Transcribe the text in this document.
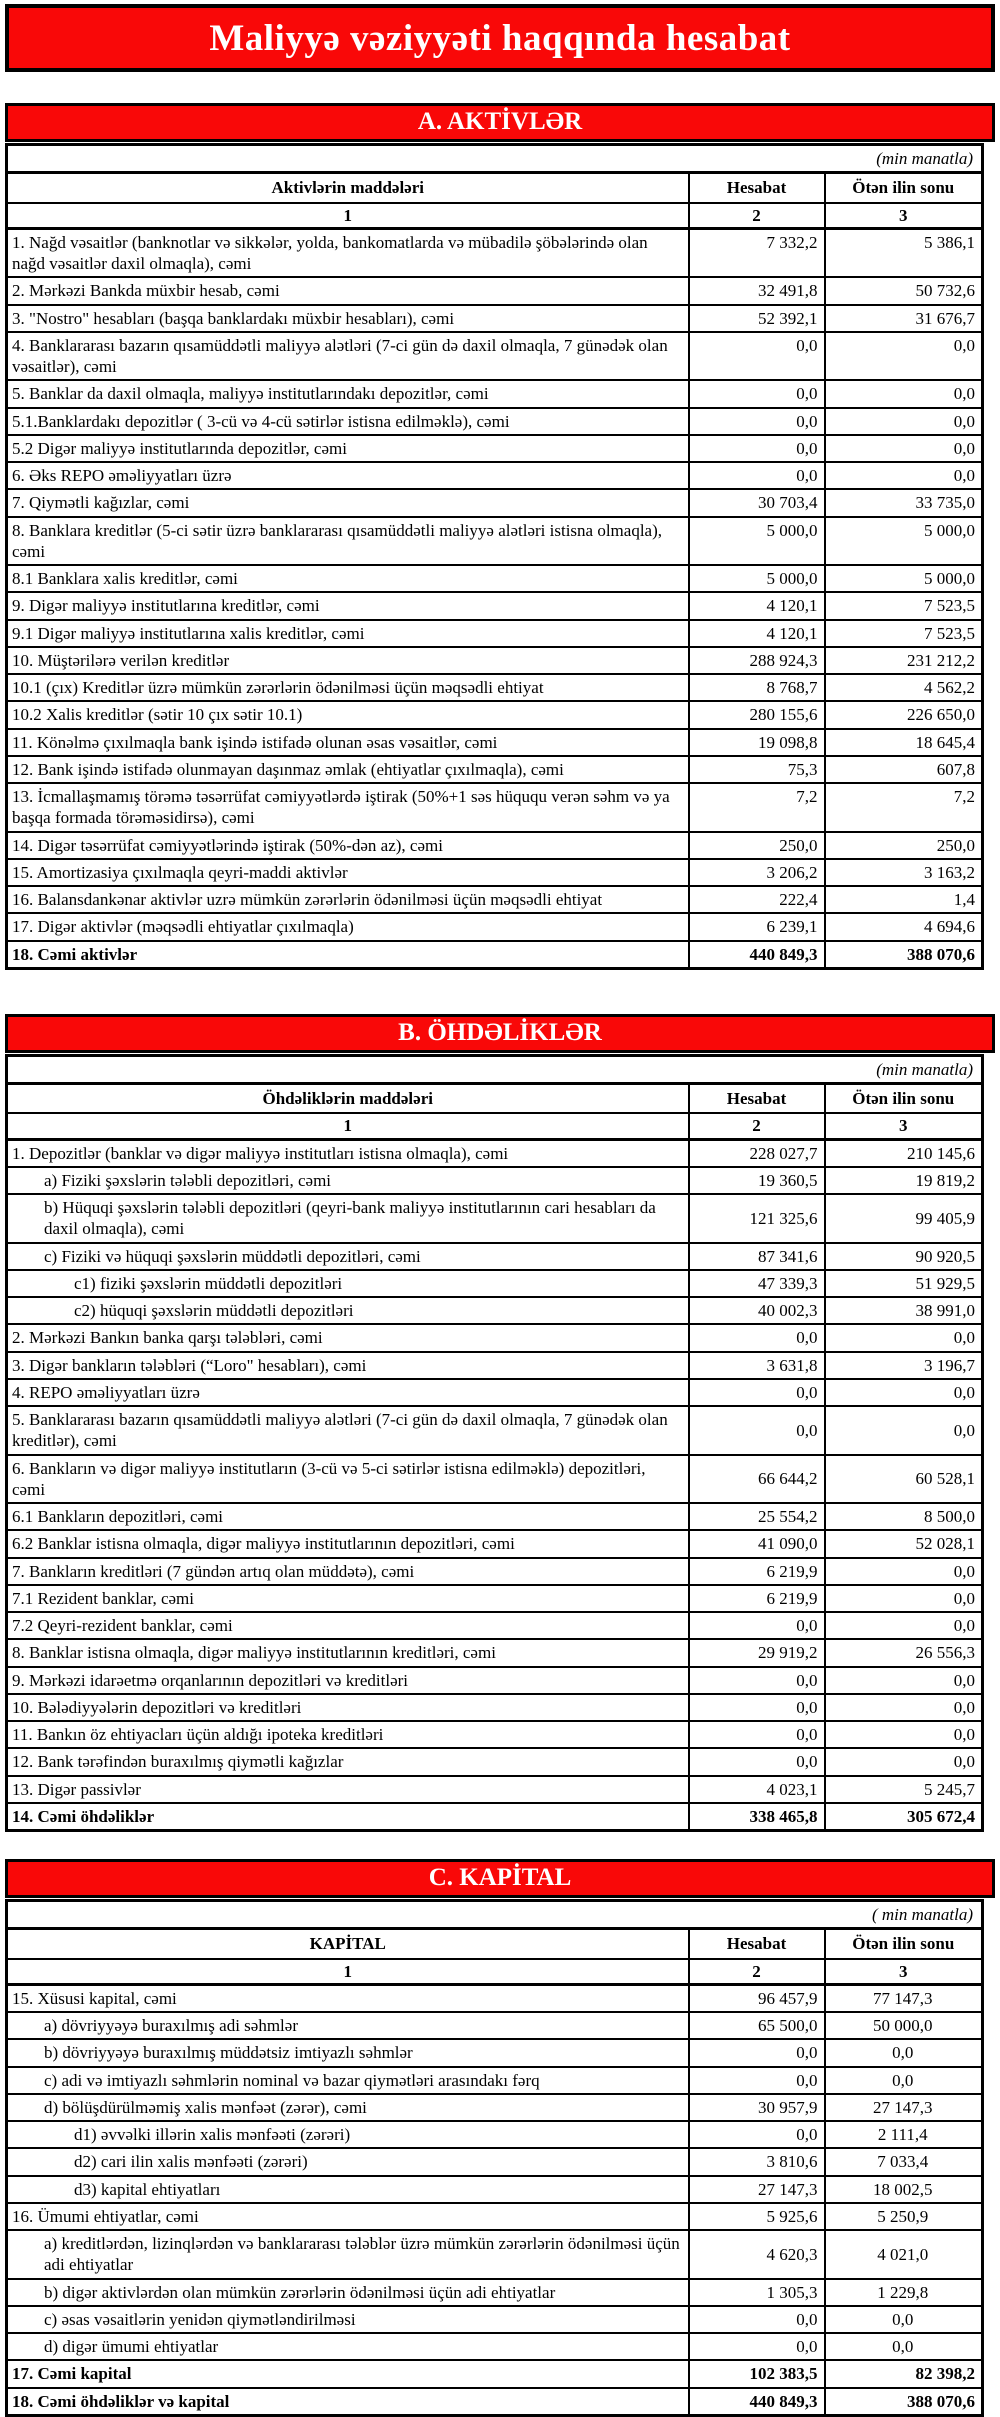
Maliyyə vəziyyəti haqqında hesabat
A. AKTİVLƏR
(min manatla)		
Aktivlərin maddələri	Hesabat	Ötən ilin sonu
1	2	3
1. Nağd vəsaitlər (banknotlar və sikkələr, yolda, bankomatlarda və mübadilə şöbələrində olan nağd vəsaitlər daxil olmaqla), cəmi	7 332,2	5 386,1
2. Mərkəzi Bankda müxbir hesab, cəmi	32 491,8	50 732,6
3. "Nostro" hesabları (başqa banklardakı müxbir hesabları), cəmi	52 392,1	31 676,7
4. Banklararası bazarın qısamüddətli maliyyə alətləri (7-ci gün də daxil olmaqla, 7 günədək olan vəsaitlər), cəmi	0,0	0,0
5. Banklar da daxil olmaqla, maliyyə institutlarındakı depozitlər, cəmi	0,0	0,0
5.1.Banklardakı depozitlər ( 3-cü və 4-cü sətirlər istisna edilməklə), cəmi	0,0	0,0
5.2 Digər maliyyə institutlarında depozitlər, cəmi	0,0	0,0
6. Əks REPO əməliyyatları üzrə	0,0	0,0
7. Qiymətli kağızlar, cəmi	30 703,4	33 735,0
8. Banklara kreditlər (5-ci sətir üzrə banklararası qısamüddətli maliyyə alətləri istisna olmaqla), cəmi	5 000,0	5 000,0
8.1 Banklara xalis kreditlər, cəmi	5 000,0	5 000,0
9. Digər maliyyə institutlarına kreditlər, cəmi	4 120,1	7 523,5
9.1 Digər maliyyə institutlarına xalis kreditlər, cəmi	4 120,1	7 523,5
10. Müştərilərə verilən kreditlər	288 924,3	231 212,2
10.1 (çıx) Kreditlər üzrə mümkün zərərlərin ödənilməsi üçün məqsədli ehtiyat	8 768,7	4 562,2
10.2 Xalis kreditlər (sətir 10 çıx sətir 10.1)	280 155,6	226 650,0
11. Könəlmə çıxılmaqla bank işində istifadə olunan əsas vəsaitlər, cəmi	19 098,8	18 645,4
12. Bank işində istifadə olunmayan daşınmaz əmlak (ehtiyatlar çıxılmaqla), cəmi	75,3	607,8
13. İcmallaşmamış törəmə təsərrüfat cəmiyyətlərdə iştirak (50%+1 səs hüququ verən səhm və ya başqa formada törəməsidirsə), cəmi	7,2	7,2
14. Digər təsərrüfat cəmiyyətlərində iştirak (50%-dən az), cəmi	250,0	250,0
15. Amortizasiya çıxılmaqla qeyri-maddi aktivlər	3 206,2	3 163,2
16. Balansdankənar aktivlər uzrə mümkün zərərlərin ödənilməsi üçün məqsədli ehtiyat	222,4	1,4
17. Digər aktivlər (məqsədli ehtiyatlar çıxılmaqla)	6 239,1	4 694,6
18. Cəmi aktivlər	440 849,3	388 070,6
B. ÖHDƏLİKLƏR
(min manatla)		
Öhdəliklərin maddələri	Hesabat	Ötən ilin sonu
1	2	3
1. Depozitlər (banklar və digər maliyyə institutları istisna olmaqla), cəmi	228 027,7	210 145,6
a) Fiziki şəxslərin tələbli depozitləri, cəmi	19 360,5	19 819,2
b) Hüquqi şəxslərin tələbli depozitləri (qeyri-bank maliyyə institutlarının cari hesabları da daxil olmaqla), cəmi	121 325,6	99 405,9
c) Fiziki və hüquqi şəxslərin müddətli depozitləri, cəmi	87 341,6	90 920,5
c1) fiziki şəxslərin müddətli depozitləri	47 339,3	51 929,5
c2) hüquqi şəxslərin müddətli depozitləri	40 002,3	38 991,0
2. Mərkəzi Bankın banka qarşı tələbləri, cəmi	0,0	0,0
3. Digər bankların tələbləri (“Loro" hesabları), cəmi	3 631,8	3 196,7
4. REPO əməliyyatları üzrə	0,0	0,0
5. Banklararası bazarın qısamüddətli maliyyə alətləri (7-ci gün də daxil olmaqla, 7 günədək olan kreditlər), cəmi	0,0	0,0
6. Bankların və digər maliyyə institutların (3-cü və 5-ci sətirlər istisna edilməklə) depozitləri, cəmi	66 644,2	60 528,1
6.1 Bankların depozitləri, cəmi	25 554,2	8 500,0
6.2 Banklar istisna olmaqla, digər maliyyə institutlarının depozitləri, cəmi	41 090,0	52 028,1
7. Bankların kreditləri (7 gündən artıq olan müddətə), cəmi	6 219,9	0,0
7.1 Rezident banklar, cəmi	6 219,9	0,0
7.2 Qeyri-rezident banklar, cəmi	0,0	0,0
8. Banklar istisna olmaqla, digər maliyyə institutlarının kreditləri, cəmi	29 919,2	26 556,3
9. Mərkəzi idarəetmə orqanlarının depozitləri və kreditləri	0,0	0,0
10. Bələdiyyələrin depozitləri və kreditləri	0,0	0,0
11. Bankın öz ehtiyacları üçün aldığı ipoteka kreditləri	0,0	0,0
12. Bank tərəfindən buraxılmış qiymətli kağızlar	0,0	0,0
13. Digər passivlər	4 023,1	5 245,7
14. Cəmi öhdəliklər	338 465,8	305 672,4
C. KAPİTAL
( min manatla)		
KAPİTAL	Hesabat	Ötən ilin sonu
1	2	3
15. Xüsusi kapital, cəmi	96 457,9	77 147,3
a) dövriyyəyə buraxılmış adi səhmlər	65 500,0	50 000,0
b) dövriyyəyə buraxılmış müddətsiz imtiyazlı səhmlər	0,0	0,0
c) adi və imtiyazlı səhmlərin nominal və bazar qiymətləri arasındakı fərq	0,0	0,0
d) bölüşdürülməmiş xalis mənfəət (zərər), cəmi	30 957,9	27 147,3
d1) əvvəlki illərin xalis mənfəəti (zərəri)	0,0	2 111,4
d2) cari ilin xalis mənfəəti (zərəri)	3 810,6	7 033,4
d3) kapital ehtiyatları	27 147,3	18 002,5
16. Ümumi ehtiyatlar, cəmi	5 925,6	5 250,9
a) kreditlərdən, lizinqlərdən və banklararası tələblər üzrə mümkün zərərlərin ödənilməsi üçün adi ehtiyatlar	4 620,3	4 021,0
b) digər aktivlərdən olan mümkün zərərlərin ödənilməsi üçün adi ehtiyatlar	1 305,3	1 229,8
c) əsas vəsaitlərin yenidən qiymətləndirilməsi	0,0	0,0
d) digər ümumi ehtiyatlar	0,0	0,0
17. Cəmi kapital	102 383,5	82 398,2
18. Cəmi öhdəliklər və kapital	440 849,3	388 070,6
